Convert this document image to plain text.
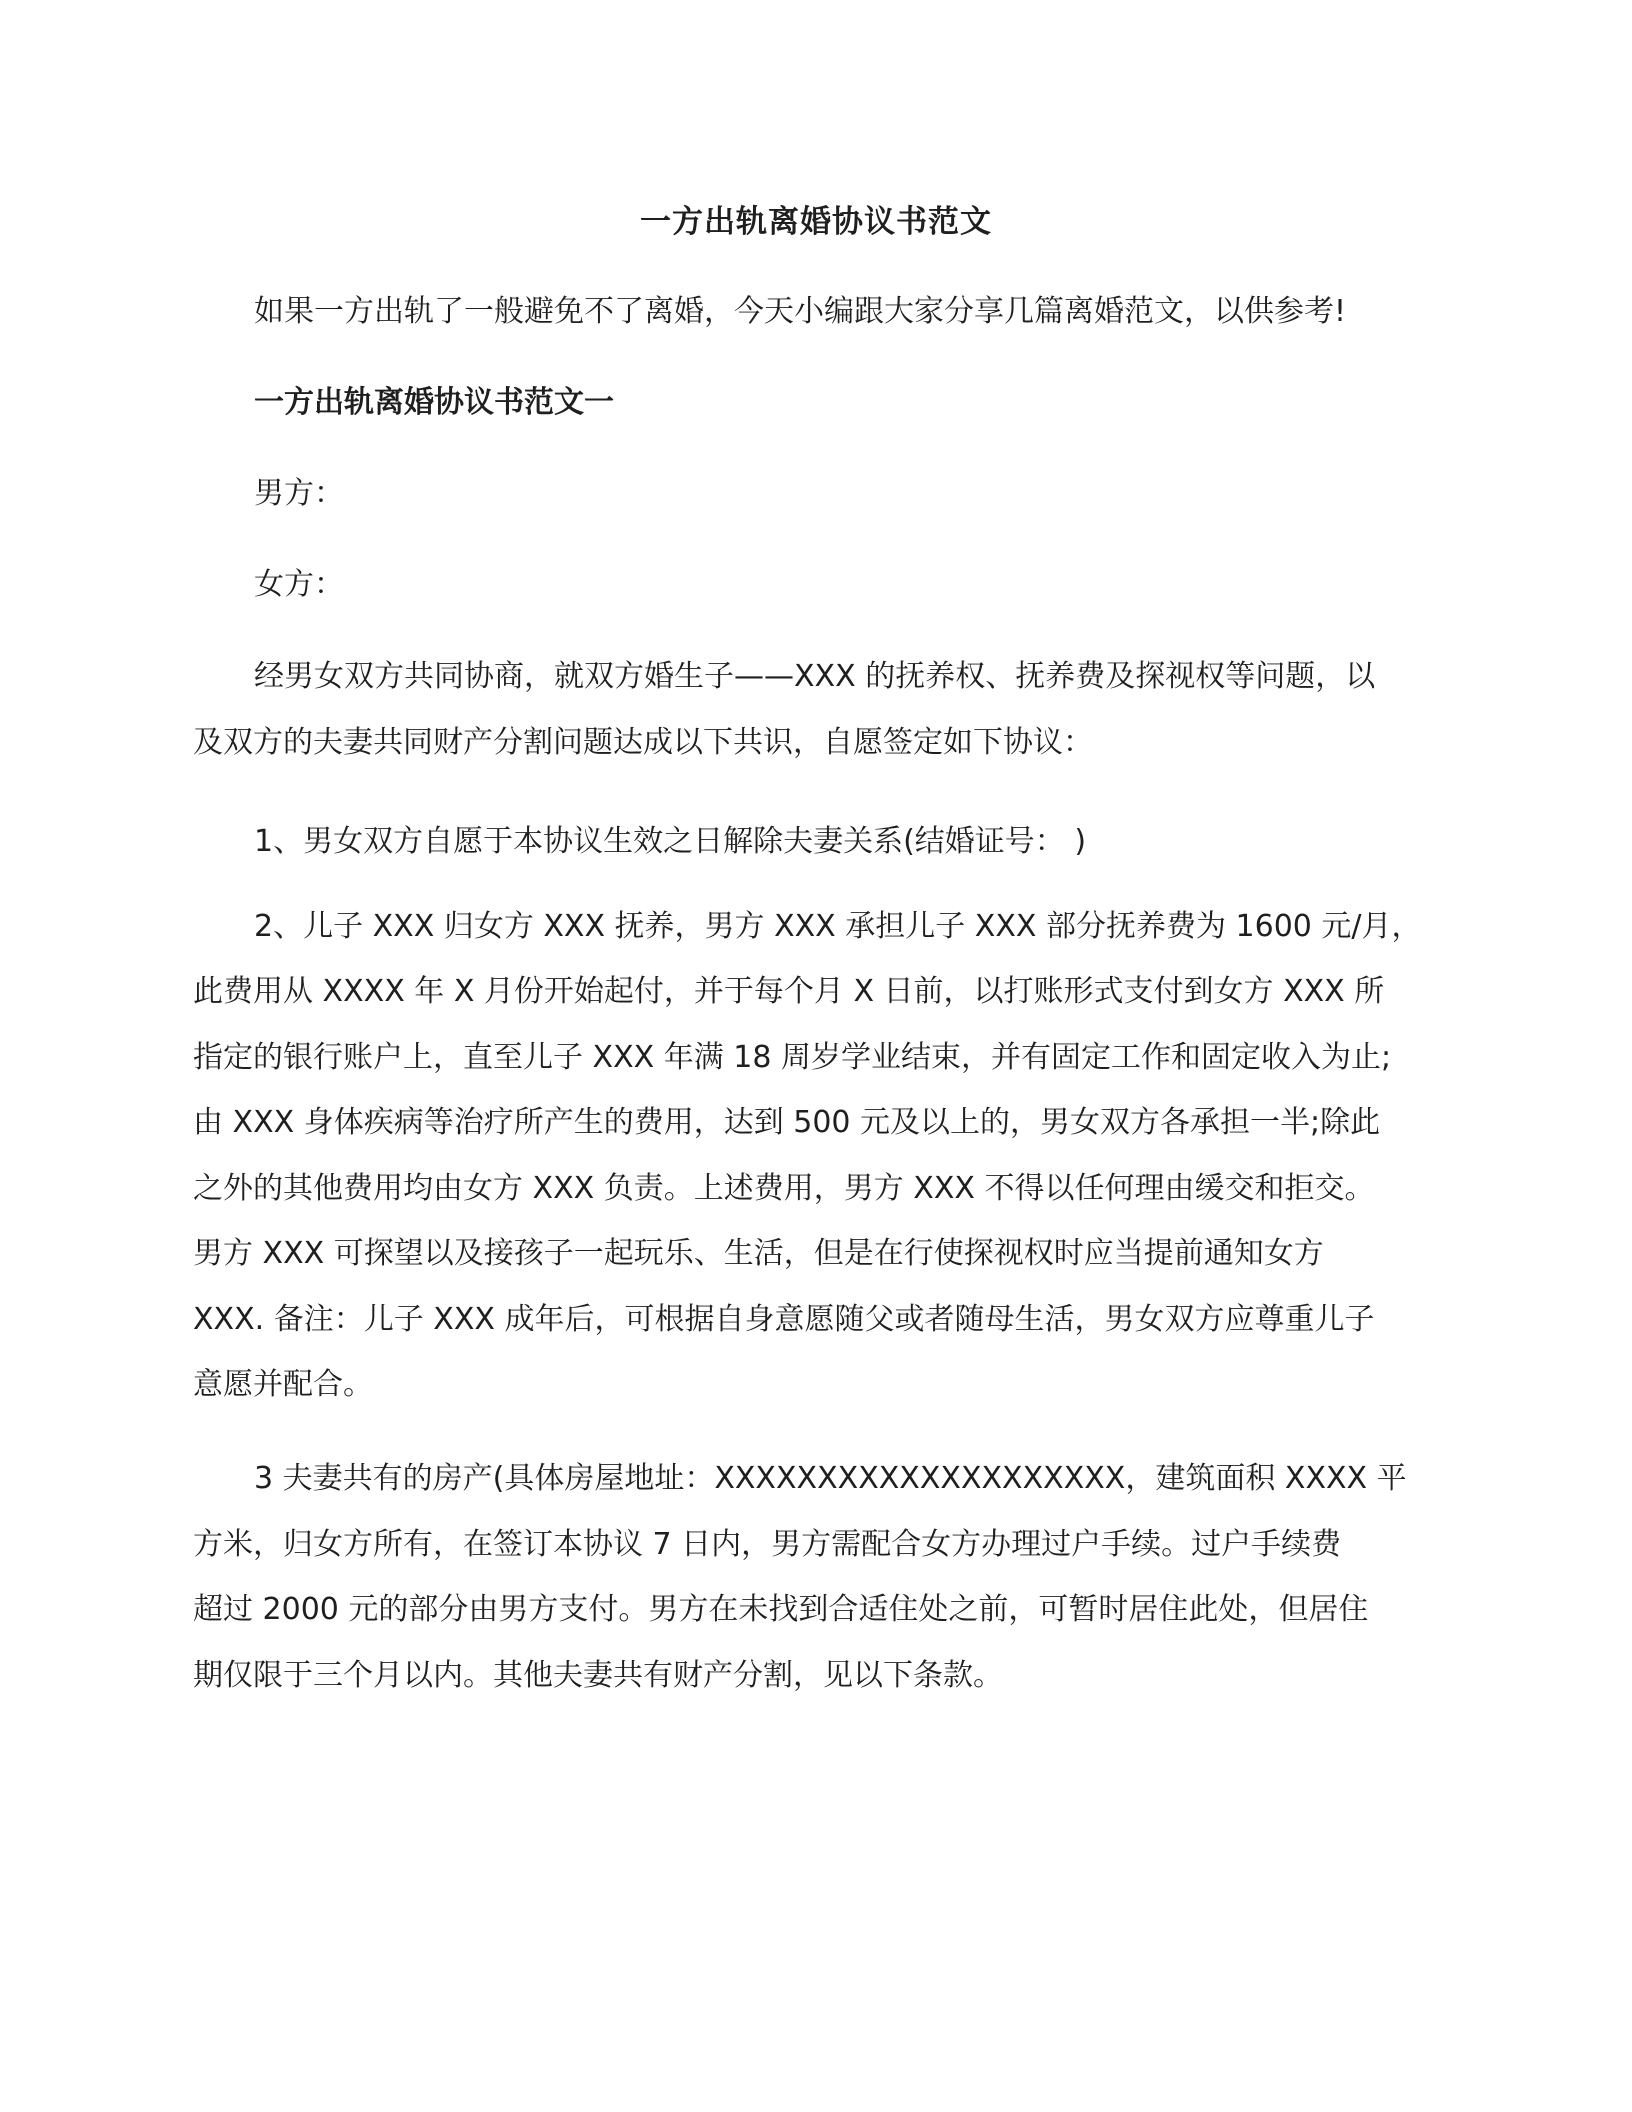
一方出轨离婚协议书范文
如果一方出轨了一般避免不了离婚，今天小编跟大家分享几篇离婚范文，以供参考!
一方出轨离婚协议书范文一
男方：
女方：
经男女双方共同协商，就双方婚生子——XXX 的抚养权、抚养费及探视权等问题，以
及双方的夫妻共同财产分割问题达成以下共识，自愿签定如下协议：
1、男女双方自愿于本协议生效之日解除夫妻关系(结婚证号： )
2、儿子 XXX 归女方 XXX 抚养，男方 XXX 承担儿子 XXX 部分抚养费为 1600 元/月，
此费用从 XXXX 年 X 月份开始起付，并于每个月 X 日前，以打账形式支付到女方 XXX 所
指定的银行账户上，直至儿子 XXX 年满 18 周岁学业结束，并有固定工作和固定收入为止;
由 XXX 身体疾病等治疗所产生的费用，达到 500 元及以上的，男女双方各承担一半;除此
之外的其他费用均由女方 XXX 负责。上述费用，男方 XXX 不得以任何理由缓交和拒交。
男方 XXX 可探望以及接孩子一起玩乐、生活，但是在行使探视权时应当提前通知女方
XXX. 备注：儿子 XXX 成年后，可根据自身意愿随父或者随母生活，男女双方应尊重儿子
意愿并配合。
3 夫妻共有的房产(具体房屋地址：XXXXXXXXXXXXXXXXXXXX，建筑面积 XXXX 平
方米，归女方所有，在签订本协议 7 日内，男方需配合女方办理过户手续。过户手续费
超过 2000 元的部分由男方支付。男方在未找到合适住处之前，可暂时居住此处，但居住
期仅限于三个月以内。其他夫妻共有财产分割，见以下条款。
